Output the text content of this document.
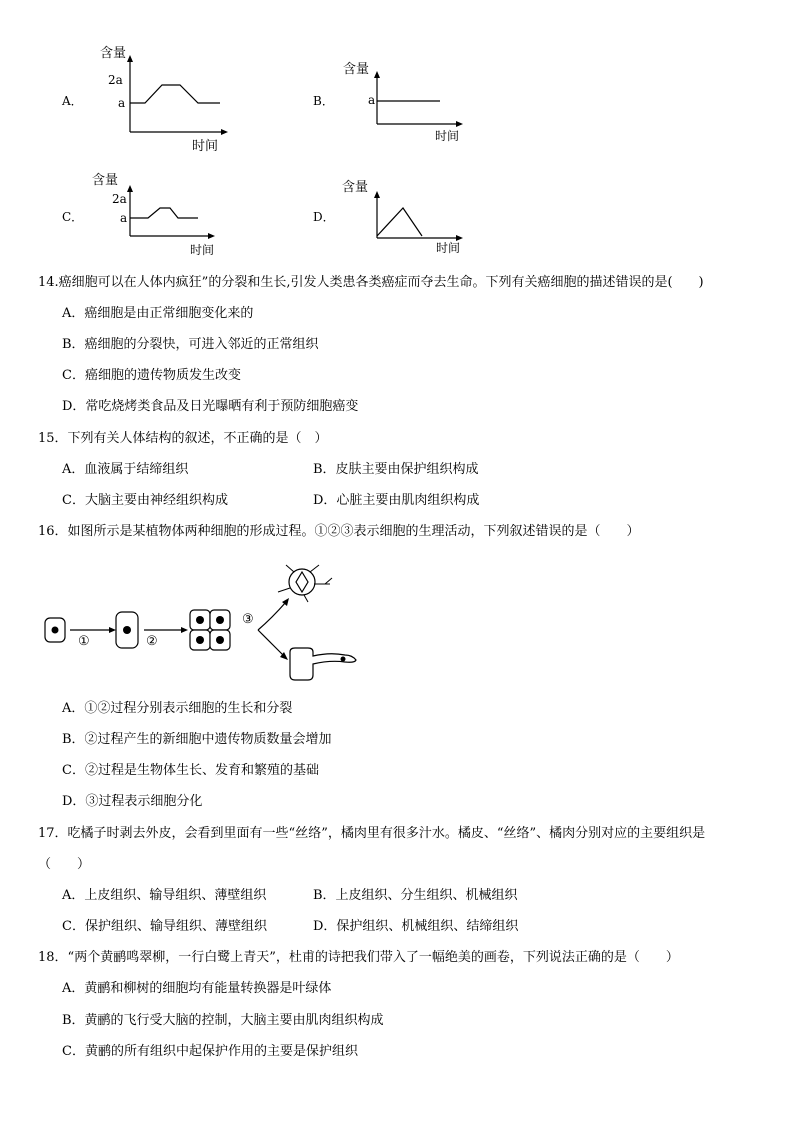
A．
含量
2a
a
时间
B．
含量
a
时间
C．
含量
2a
a
时间
D．
含量
时间
14.癌细胞可以在人体内疯狂”的分裂和生长,引发人类患各类癌症而夺去生命。下列有关癌细胞的描述错误的是(　　)
A．癌细胞是由正常细胞变化来的
B．癌细胞的分裂快，可进入邻近的正常组织
C．癌细胞的遗传物质发生改变
D．常吃烧烤类食品及日光曝晒有利于预防细胞癌变
15．下列有关人体结构的叙述，不正确的是（　）
A．血液属于结缔组织	B．皮肤主要由保护组织构成
C．大脑主要由神经组织构成	D．心脏主要由肌肉组织构成
16．如图所示是某植物体两种细胞的形成过程。①②③表示细胞的生理活动，下列叙述错误的是（　　）
①	②
③
A．①②过程分别表示细胞的生长和分裂
B．②过程产生的新细胞中遗传物质数量会增加
C．②过程是生物体生长、发育和繁殖的基础
D．③过程表示细胞分化
17．吃橘子时剥去外皮，会看到里面有一些“丝络”，橘肉里有很多汁水。橘皮、“丝络”、橘肉分别对应的主要组织是
（　　）
A．上皮组织、输导组织、薄壁组织	B．上皮组织、分生组织、机械组织
C．保护组织、输导组织、薄壁组织	D．保护组织、机械组织、结缔组织
18．“两个黄鹂鸣翠柳，一行白鹭上青天”，杜甫的诗把我们带入了一幅绝美的画卷，下列说法正确的是（　　）
A．黄鹂和柳树的细胞均有能量转换器是叶绿体
B．黄鹂的飞行受大脑的控制，大脑主要由肌肉组织构成
C．黄鹂的所有组织中起保护作用的主要是保护组织
